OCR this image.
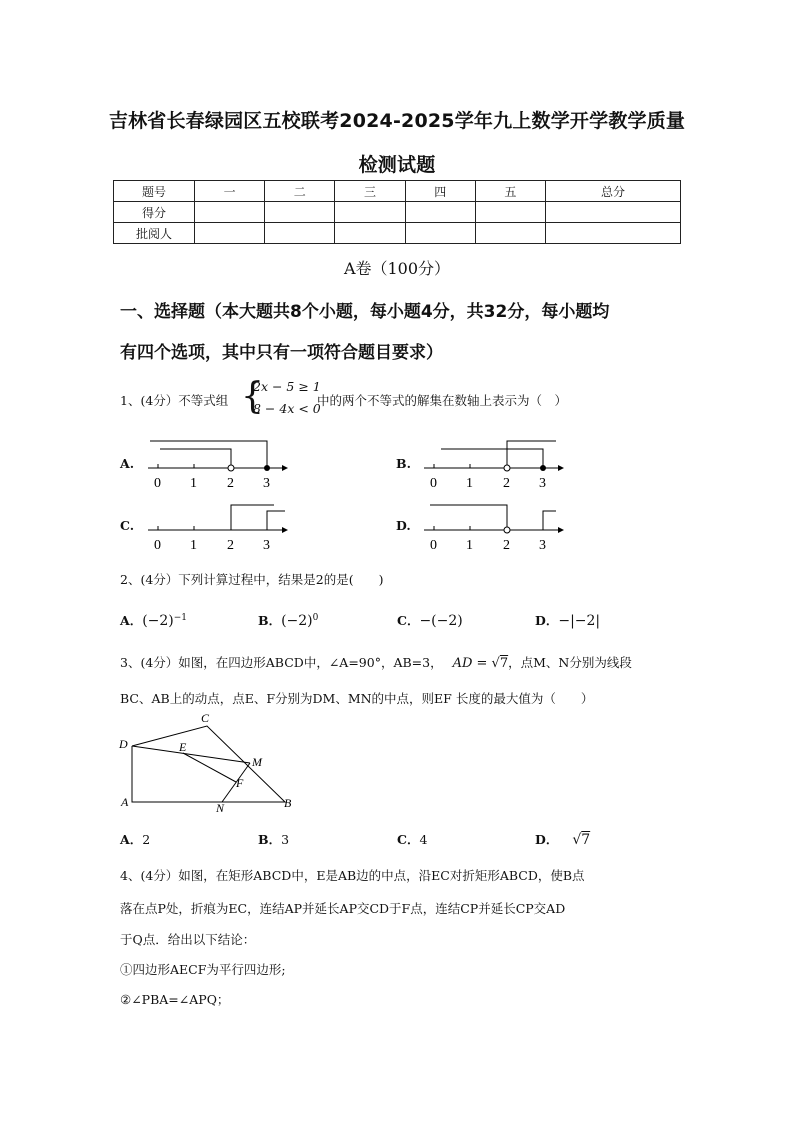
吉林省长春绿园区五校联考2024-2025学年九上数学开学教学质量
检测试题
题号	一	二	三	四	五	总分
得分						
批阅人						
A卷（100分）
一、选择题（本大题共8个小题，每小题4分，共32分，每小题均
有四个选项，其中只有一项符合题目要求）
1、(4分）不等式组 {
2x − 5 ≥ 1
8 − 4x < 0
中的两个不等式的解集在数轴上表示为（　）
A.	B.
C.	D.
0 1 2 3	0 1 2 3
0 1 2 3	0 1 2 3
2、(4分）下列计算过程中，结果是2的是(　　)
A．$(-2)^{-1}$	B．$(-2)^0$	C．−(−2)	D．−|−2|
3、(4分）如图，在四边形ABCD中，∠A=90°，AB=3， AD = √7，点M、N分别为线段
BC、AB上的动点，点E、F分别为DM、MN的中点，则EF 长度的最大值为（　　）
C
D	E
M
F
A	N	B
A．2	B．3	C．4	D． √7
4、(4分）如图，在矩形ABCD中，E是AB边的中点，沿EC对折矩形ABCD，使B点
落在点P处，折痕为EC，连结AP并延长AP交CD于F点，连结CP并延长CP交AD
于Q点．给出以下结论：
①四边形AECF为平行四边形;
②∠PBA=∠APQ；
